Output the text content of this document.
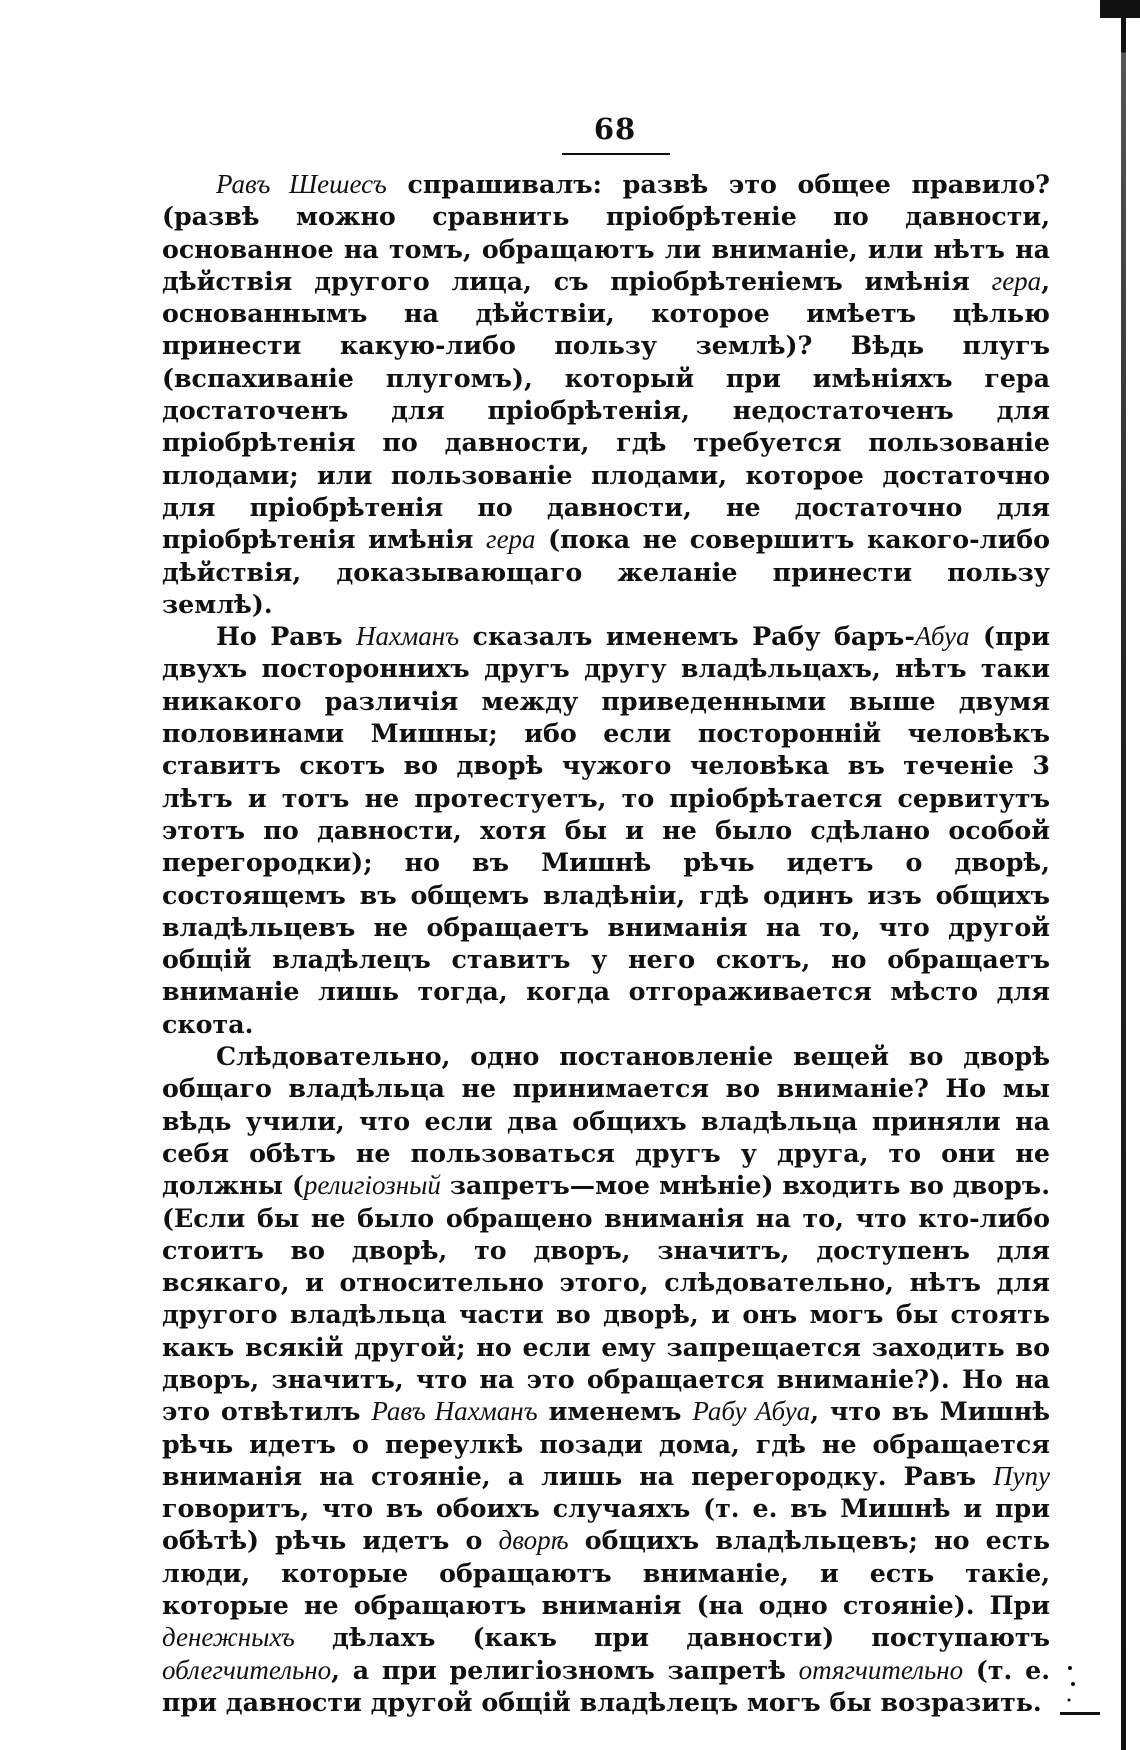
68

Равъ Шешесъ спрашивалъ: развѣ это общее правило? (развѣ можно сравнить пріобрѣтеніе по давности, основанное на томъ, обращаютъ ли вниманіе, или нѣтъ на дѣйствія другого лица, съ пріобрѣтеніемъ имѣнія гера, основаннымъ на дѣйствіи, которое имѣетъ цѣлью принести какую-либо пользу землѣ)? Вѣдь плугъ (вспахиваніе плугомъ), который при имѣніяхъ гера достаточенъ для пріобрѣтенія, недостаточенъ для пріобрѣтенія по давности, гдѣ требуется пользованіе плодами; или пользованіе плодами, которое достаточно для пріобрѣтенія по давности, не достаточно для пріобрѣтенія имѣнія гера (пока не совершитъ какого-либо дѣйствія, доказывающаго желаніе принести пользу землѣ).

Но Равъ Нахманъ сказалъ именемъ Рабу баръ-Абуа (при двухъ постороннихъ другъ другу владѣльцахъ, нѣтъ таки никакого различія между приведенными выше двумя половинами Мишны; ибо если посторонній человѣкъ ставитъ скотъ во дворѣ чужого человѣка въ теченіе 3 лѣтъ и тотъ не протестуетъ, то пріобрѣтается сервитутъ этотъ по давности, хотя бы и не было сдѣлано особой перегородки); но въ Мишнѣ рѣчь идетъ о дворѣ, состоящемъ въ общемъ владѣніи, гдѣ одинъ изъ общихъ владѣльцевъ не обращаетъ вниманія на то, что другой общій владѣлецъ ставитъ у него скотъ, но обращаетъ вниманіе лишь тогда, когда отгораживается мѣсто для скота.

Слѣдовательно, одно постановленіе вещей во дворѣ общаго владѣльца не принимается во вниманіе? Но мы вѣдь учили, что если два общихъ владѣльца приняли на себя обѣтъ не пользоваться другъ у друга, то они не должны (религіозный запретъ—мое мнѣніе) входить во дворъ. (Если бы не было обращено вниманія на то, что кто-либо стоитъ во дворѣ, то дворъ, значитъ, доступенъ для всякаго, и относительно этого, слѣдовательно, нѣтъ для другого владѣльца части во дворѣ, и онъ могъ бы стоять какъ всякій другой; но если ему запрещается заходить во дворъ, значитъ, что на это обращается вниманіе?). Но на это отвѣтилъ Равъ Нахманъ именемъ Рабу Абуа, что въ Мишнѣ рѣчь идетъ о переулкѣ позади дома, гдѣ не обращается вниманія на стояніе, а лишь на перегородку. Равъ Пупу говоритъ, что въ обоихъ случаяхъ (т. е. въ Мишнѣ и при обѣтѣ) рѣчь идетъ о дворѣ общихъ владѣльцевъ; но есть люди, которые обращаютъ вниманіе, и есть такіе, которые не обращаютъ вниманія (на одно стояніе). При денежныхъ дѣлахъ (какъ при давности) поступаютъ облегчительно, а при религіозномъ запретѣ отягчительно (т. е. при давности другой общій владѣлецъ могъ бы возразить.
